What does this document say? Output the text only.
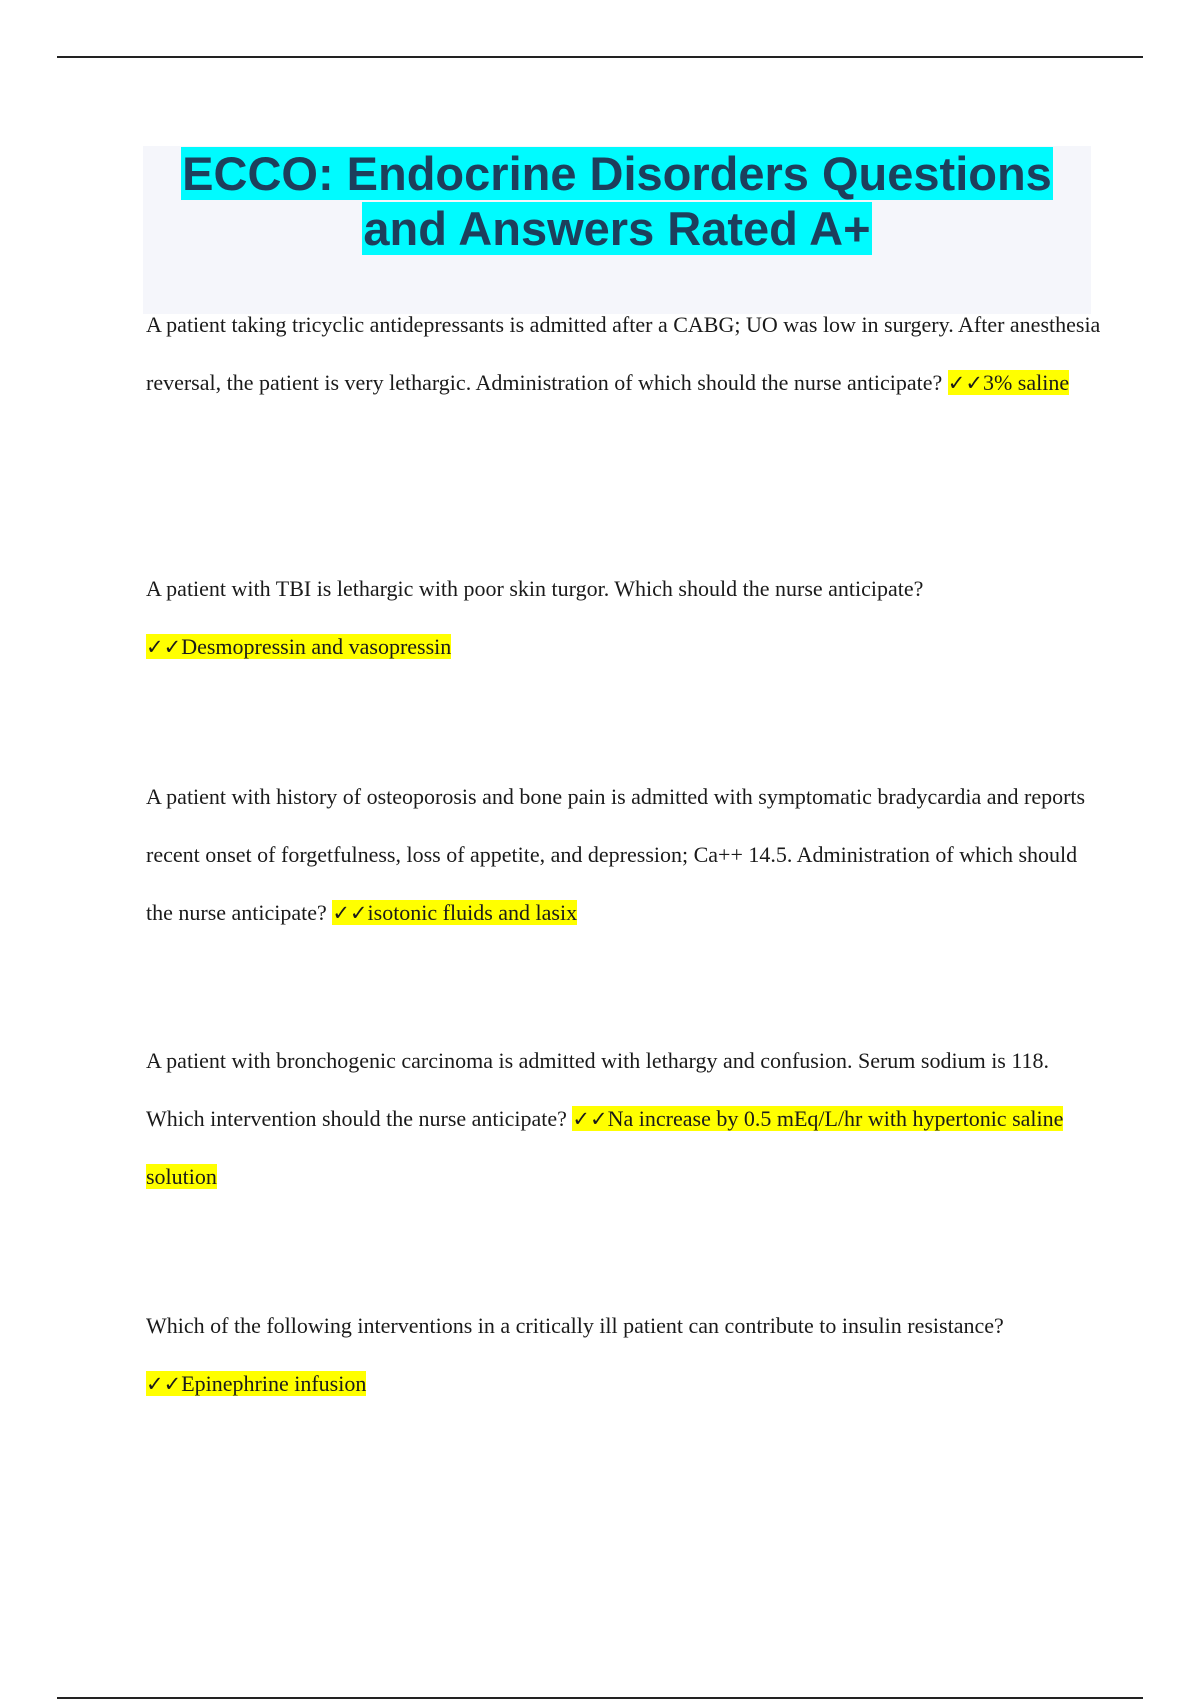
ECCO: Endocrine Disorders Questions
and Answers Rated A+

A patient taking tricyclic antidepressants is admitted after a CABG; UO was low in surgery. After anesthesia reversal, the patient is very lethargic. Administration of which should the nurse anticipate? ✓✓3% saline

A patient with TBI is lethargic with poor skin turgor. Which should the nurse anticipate? ✓✓Desmopressin and vasopressin

A patient with history of osteoporosis and bone pain is admitted with symptomatic bradycardia and reports recent onset of forgetfulness, loss of appetite, and depression; Ca++ 14.5. Administration of which should the nurse anticipate? ✓✓isotonic fluids and lasix

A patient with bronchogenic carcinoma is admitted with lethargy and confusion. Serum sodium is 118. Which intervention should the nurse anticipate? ✓✓Na increase by 0.5 mEq/L/hr with hypertonic saline solution

Which of the following interventions in a critically ill patient can contribute to insulin resistance? ✓✓Epinephrine infusion
